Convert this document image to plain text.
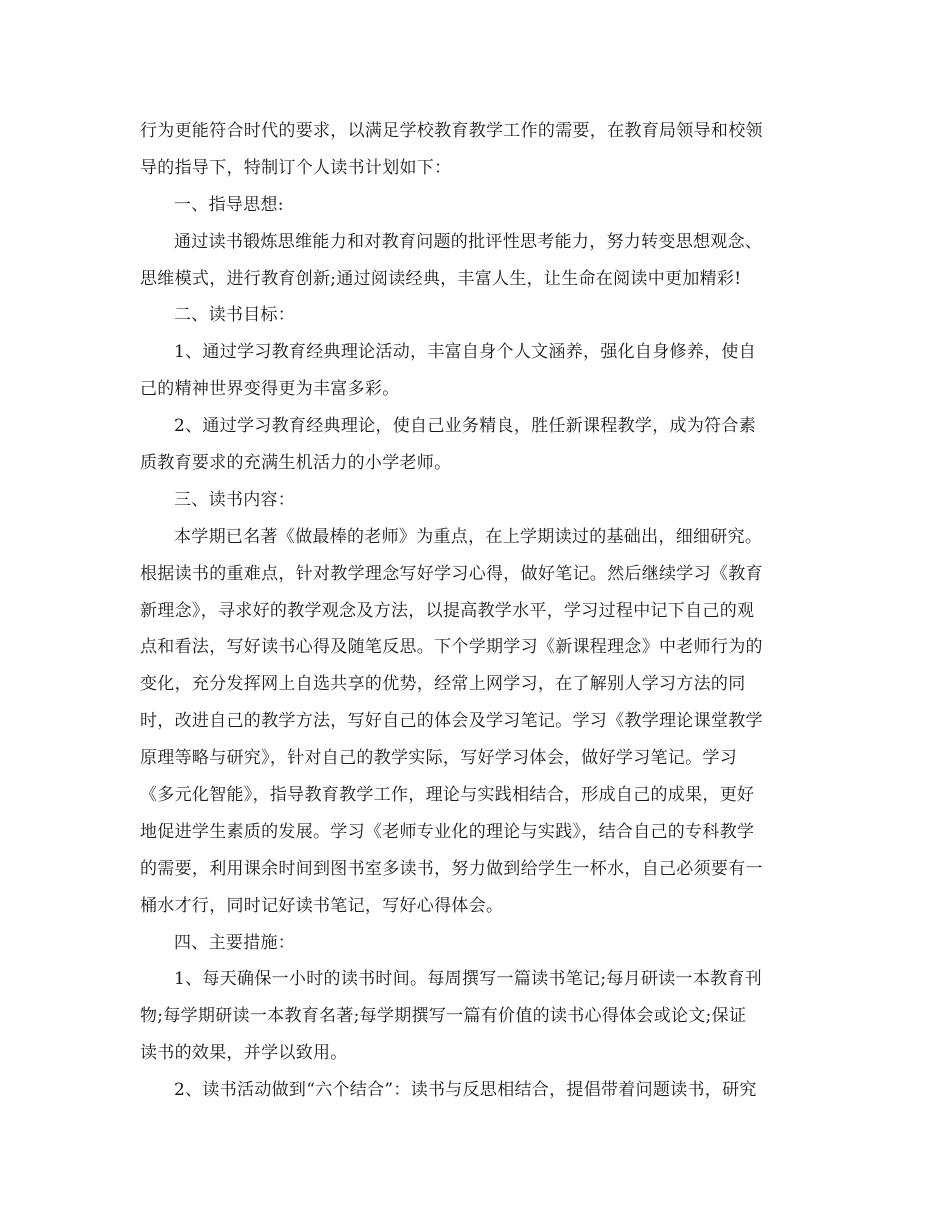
行为更能符合时代的要求，以满足学校教育教学工作的需要，在教育局领导和校领
导的指导下，特制订个人读书计划如下：
一、指导思想:
通过读书锻炼思维能力和对教育问题的批评性思考能力，努力转变思想观念、
思维模式，进行教育创新;通过阅读经典，丰富人生，让生命在阅读中更加精彩!
二、读书目标：
1、通过学习教育经典理论活动，丰富自身个人文涵养，强化自身修养，使自
己的精神世界变得更为丰富多彩。
2、通过学习教育经典理论，使自己业务精良，胜任新课程教学，成为符合素
质教育要求的充满生机活力的小学老师。
三、读书内容：
本学期已名著《做最棒的老师》为重点，在上学期读过的基础出，细细研究。
根据读书的重难点，针对教学理念写好学习心得，做好笔记。然后继续学习《教育
新理念》，寻求好的教学观念及方法，以提高教学水平，学习过程中记下自己的观
点和看法，写好读书心得及随笔反思。下个学期学习《新课程理念》中老师行为的
变化，充分发挥网上自选共享的优势，经常上网学习，在了解别人学习方法的同
时，改进自己的教学方法，写好自己的体会及学习笔记。学习《教学理论课堂教学
原理等略与研究》，针对自己的教学实际，写好学习体会，做好学习笔记。学习
《多元化智能》，指导教育教学工作，理论与实践相结合，形成自己的成果，更好
地促进学生素质的发展。学习《老师专业化的理论与实践》，结合自己的专科教学
的需要，利用课余时间到图书室多读书，努力做到给学生一杯水，自己必须要有一
桶水才行，同时记好读书笔记，写好心得体会。
四、主要措施：
1、每天确保一小时的读书时间。每周撰写一篇读书笔记;每月研读一本教育刊
物;每学期研读一本教育名著;每学期撰写一篇有价值的读书心得体会或论文;保证
读书的效果，并学以致用。
2、读书活动做到“六个结合”：读书与反思相结合，提倡带着问题读书，研究
